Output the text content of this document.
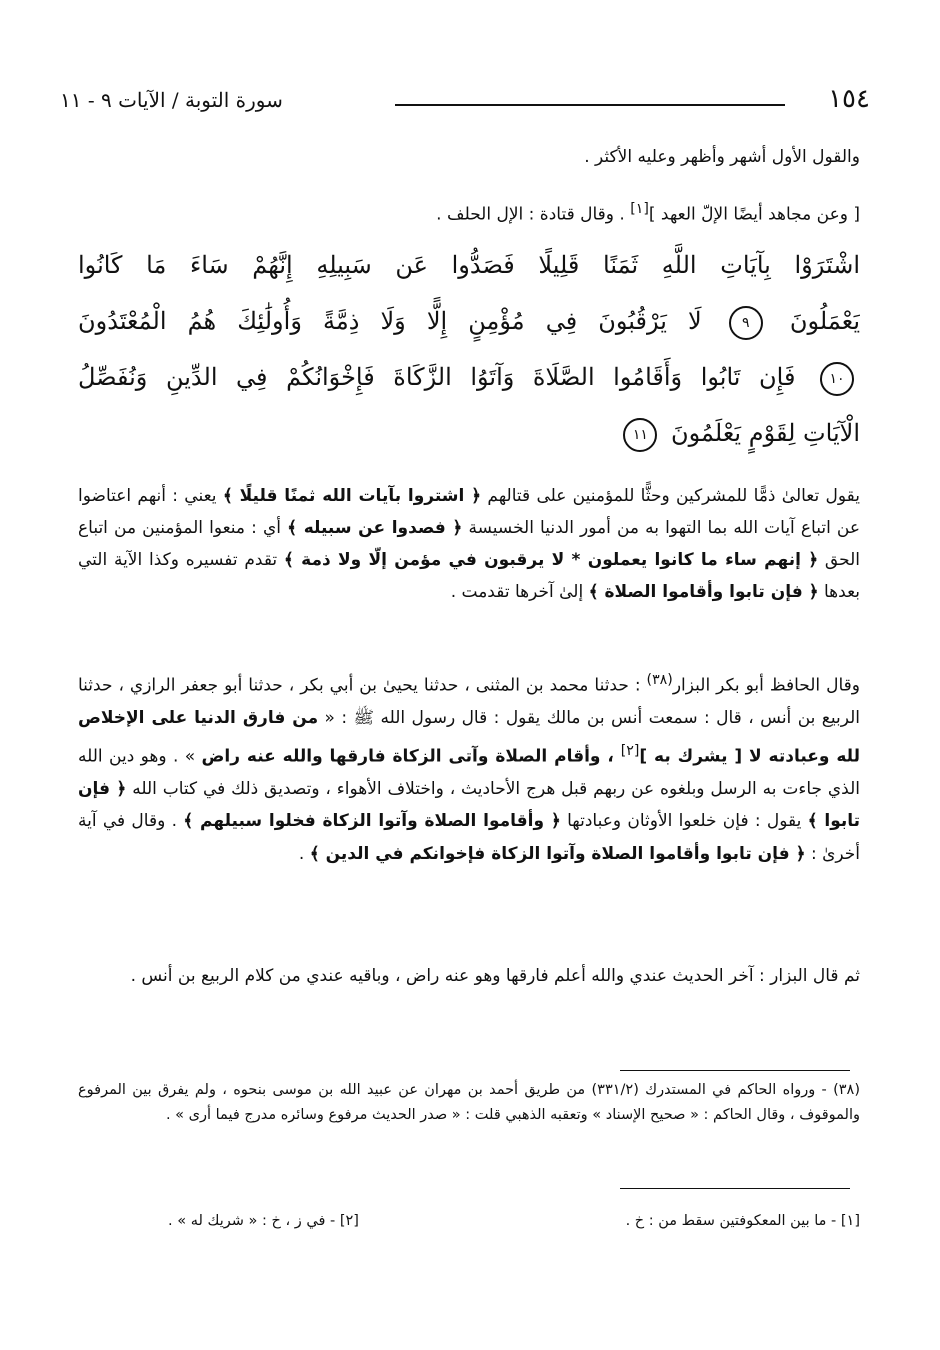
١٥٤
سورة التوبة / الآيات ٩ - ١١

والقول الأول أشهر وأظهر وعليه الأكثر .

[ وعن مجاهد أيضًا الإلّ العهد ][١] . وقال قتادة : الإل الحلف .

اشْتَرَوْا بِآيَاتِ اللَّهِ ثَمَنًا قَلِيلًا فَصَدُّوا عَن سَبِيلِهِ إِنَّهُمْ سَاءَ مَا كَانُوا

يَعْمَلُونَ ٩ لَا يَرْقُبُونَ فِي مُؤْمِنٍ إِلًّا وَلَا ذِمَّةً وَأُولَٰئِكَ هُمُ الْمُعْتَدُونَ

١٠ فَإِن تَابُوا وَأَقَامُوا الصَّلَاةَ وَآتَوُا الزَّكَاةَ فَإِخْوَانُكُمْ فِي الدِّينِ وَنُفَصِّلُ

الْآيَاتِ لِقَوْمٍ يَعْلَمُونَ ١١

يقول تعالىٰ ذمًّا للمشركين وحثًّا للمؤمنين على قتالهم ﴿ اشتروا بآيات الله ثمنًا قليلًا ﴾ يعني : أنهم اعتاضوا عن اتباع آيات الله بما التهوا به من أمور الدنيا الخسيسة ﴿ فصدوا عن سبيله ﴾ أي : منعوا المؤمنين من اتباع الحق ﴿ إنهم ساء ما كانوا يعملون * لا يرقبون في مؤمن إلّا ولا ذمة ﴾ تقدم تفسيره وكذا الآية التي بعدها ﴿ فإن تابوا وأقاموا الصلاة ﴾ إلىٰ آخرها تقدمت .

وقال الحافظ أبو بكر البزار$^{(٣٨)}$ : حدثنا محمد بن المثنى ، حدثنا يحيىٰ بن أبي بكر ، حدثنا أبو جعفر الرازي ، حدثنا الربيع بن أنس ، قال : سمعت أنس بن مالك يقول : قال رسول الله ﷺ : « من فارق الدنيا على الإخلاص لله وعبادته لا [ يشرك به ][٢] ، وأقام الصلاة وآتى الزكاة فارقها والله عنه راض » . وهو دين الله الذي جاءت به الرسل وبلغوه عن ربهم قبل هرج الأحاديث ، واختلاف الأهواء ، وتصديق ذلك في كتاب الله ﴿ فإن تابوا ﴾ يقول : فإن خلعوا الأوثان وعبادتها ﴿ وأقاموا الصلاة وآتوا الزكاة فخلوا سبيلهم ﴾ . وقال في آية أخرىٰ : ﴿ فإن تابوا وأقاموا الصلاة وآتوا الزكاة فإخوانكم في الدين ﴾ .

ثم قال البزار : آخر الحديث عندي والله أعلم فارقها وهو عنه راض ، وباقيه عندي من كلام الربيع بن أنس .

(٣٨) - ورواه الحاكم في المستدرك (٣٣١/٢) من طريق أحمد بن مهران عن عبيد الله بن موسى بنحوه ، ولم يفرق بين المرفوع والموقوف ، وقال الحاكم : « صحيح الإسناد » وتعقبه الذهبي قلت : « صدر الحديث مرفوع وسائره مدرج فيما أرى » .
[١] - ما بين المعكوفتين سقط من : خ .
[٢] - في ز ، خ : « شريك له » .
